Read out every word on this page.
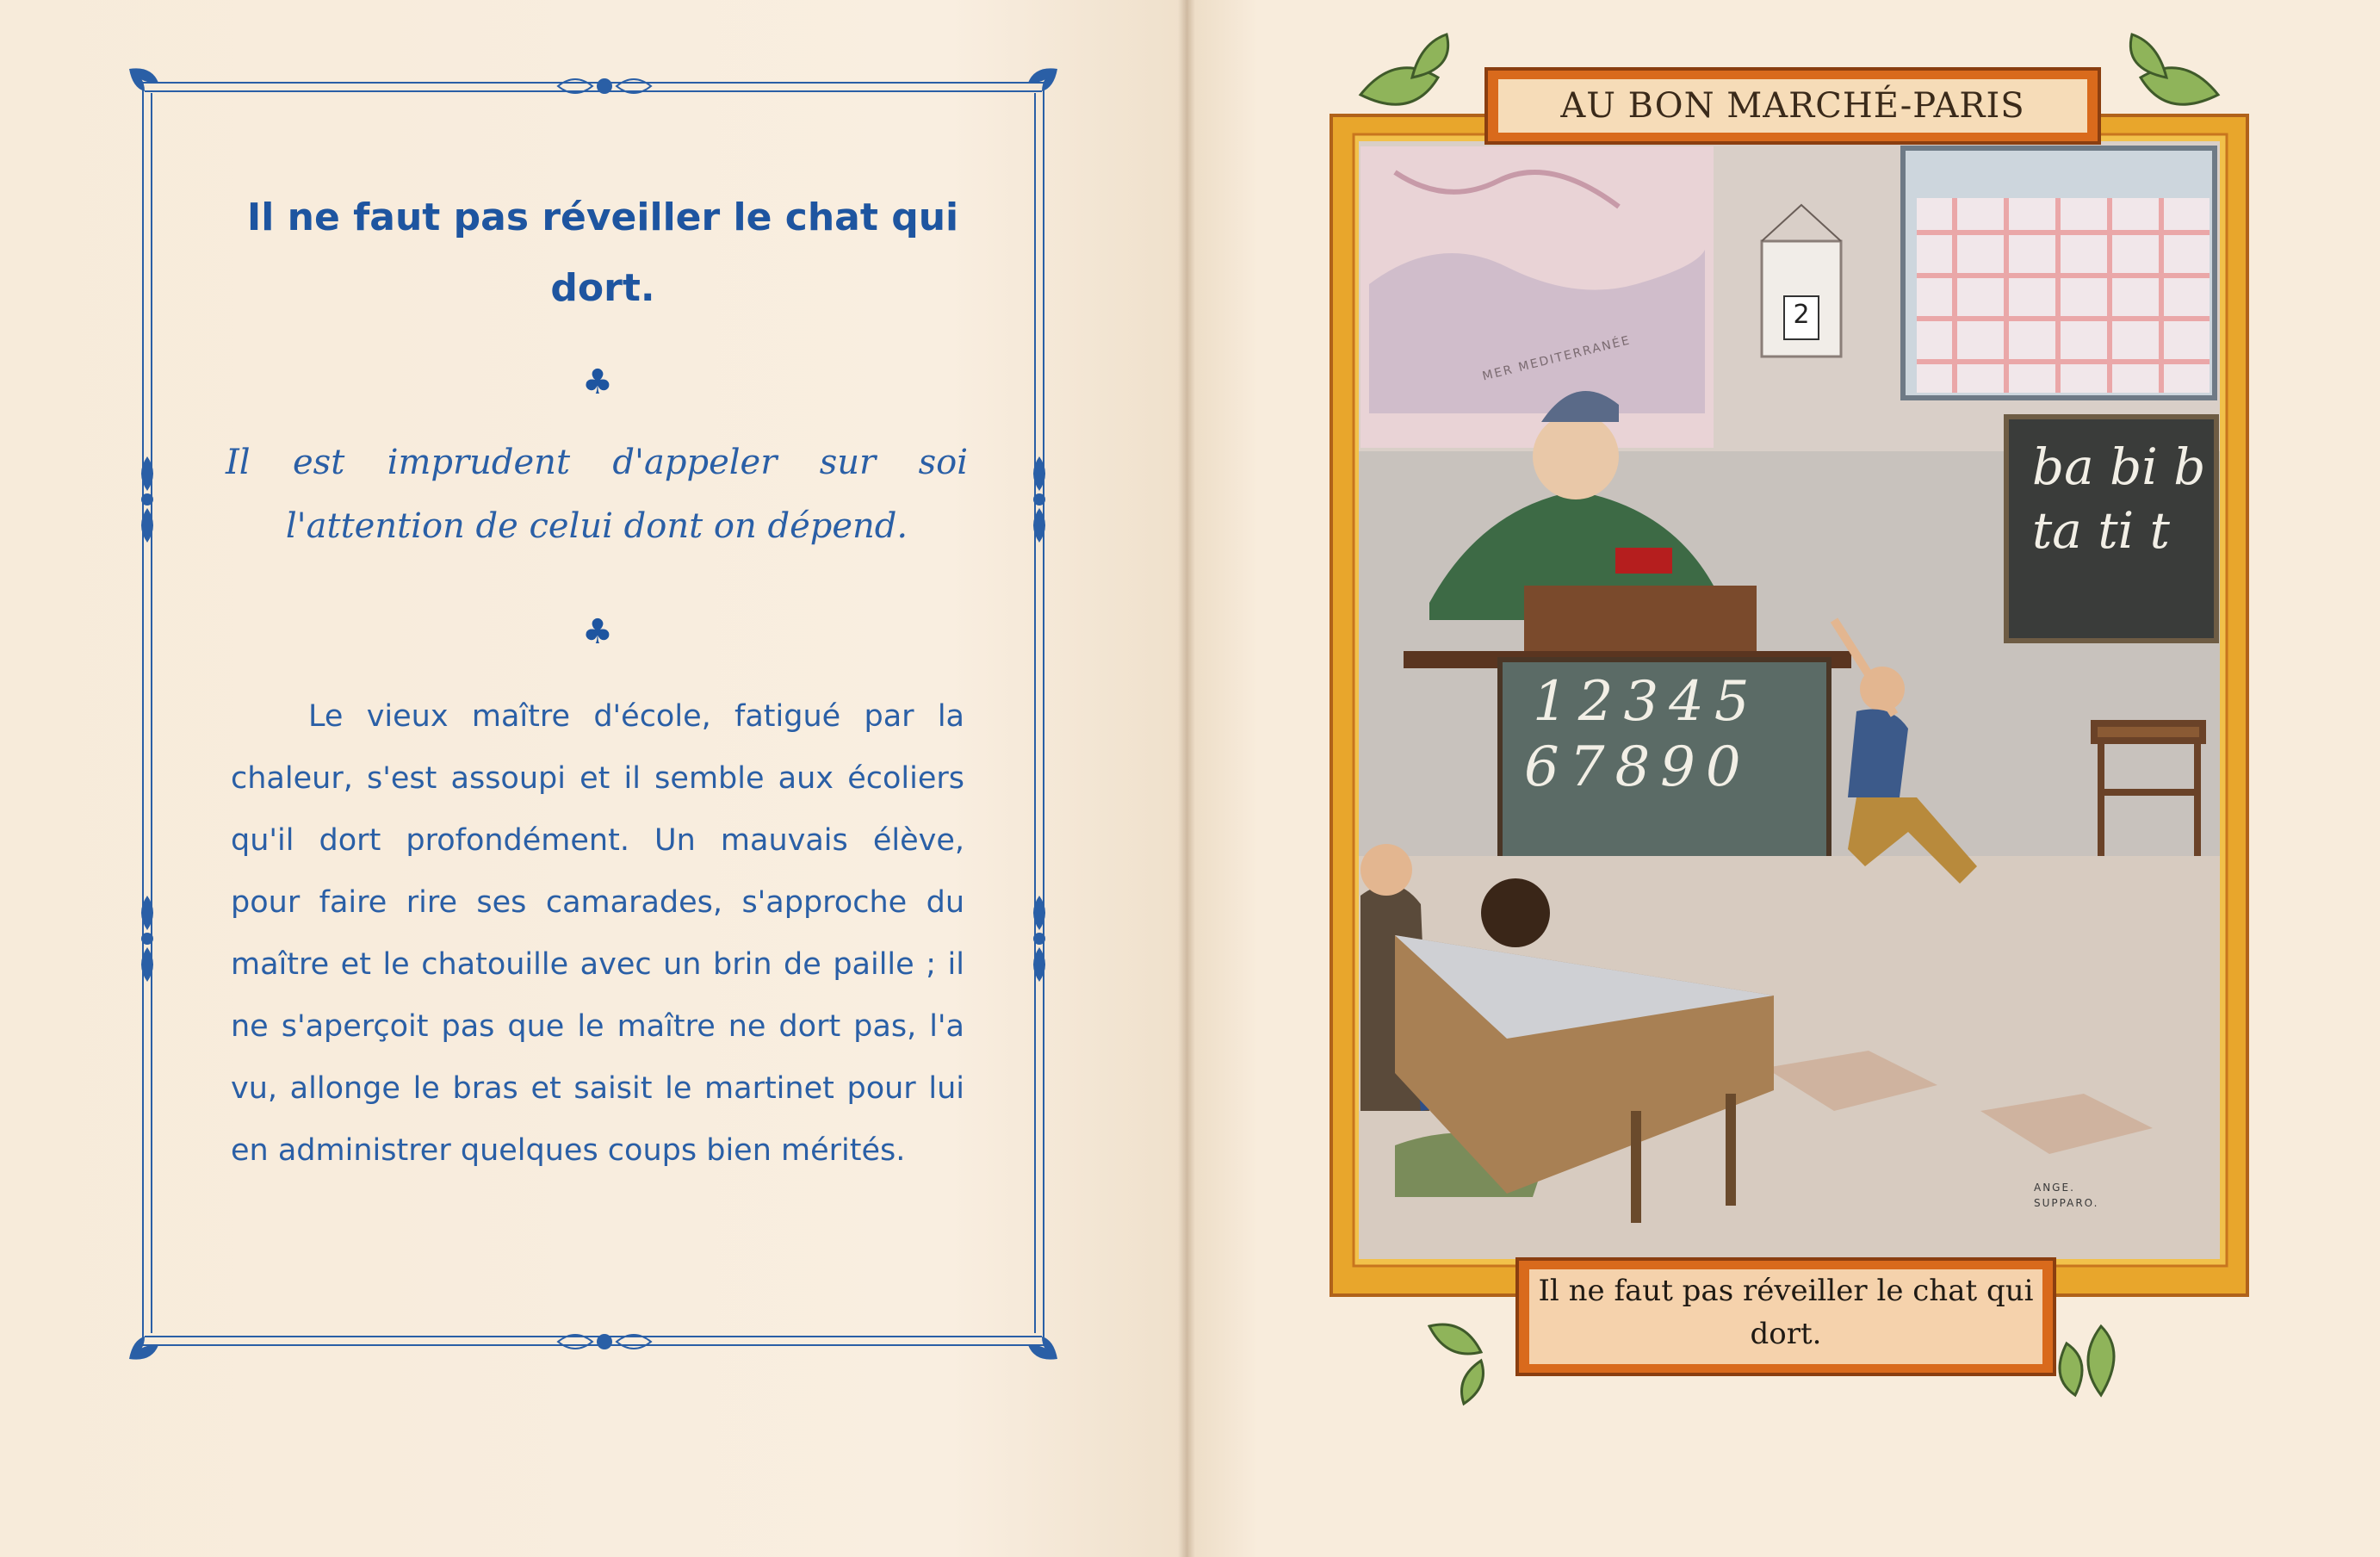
Il ne faut pas réveiller le chat qui dort.
♣
Il est imprudent d'appeler sur soi l'attention de celui dont on dépend.
♣
Le vieux maître d'école, fatigué par la chaleur, s'est assoupi et il semble aux écoliers qu'il dort profondément. Un mauvais élève, pour faire rire ses camarades, s'approche du maître et le chatouille avec un brin de paille ; il ne s'aperçoit pas que le maître ne dort pas, l'a vu, allonge le bras et saisit le martinet pour lui en administrer quelques coups bien mérités.
AU BON MARCHÉ-PARIS
Il ne faut pas réveiller le chat qui dort.
12345
67890
ba bi b
ta ti t
2
MER MEDITERRANÉE
ANGE.
SUPPARO.
